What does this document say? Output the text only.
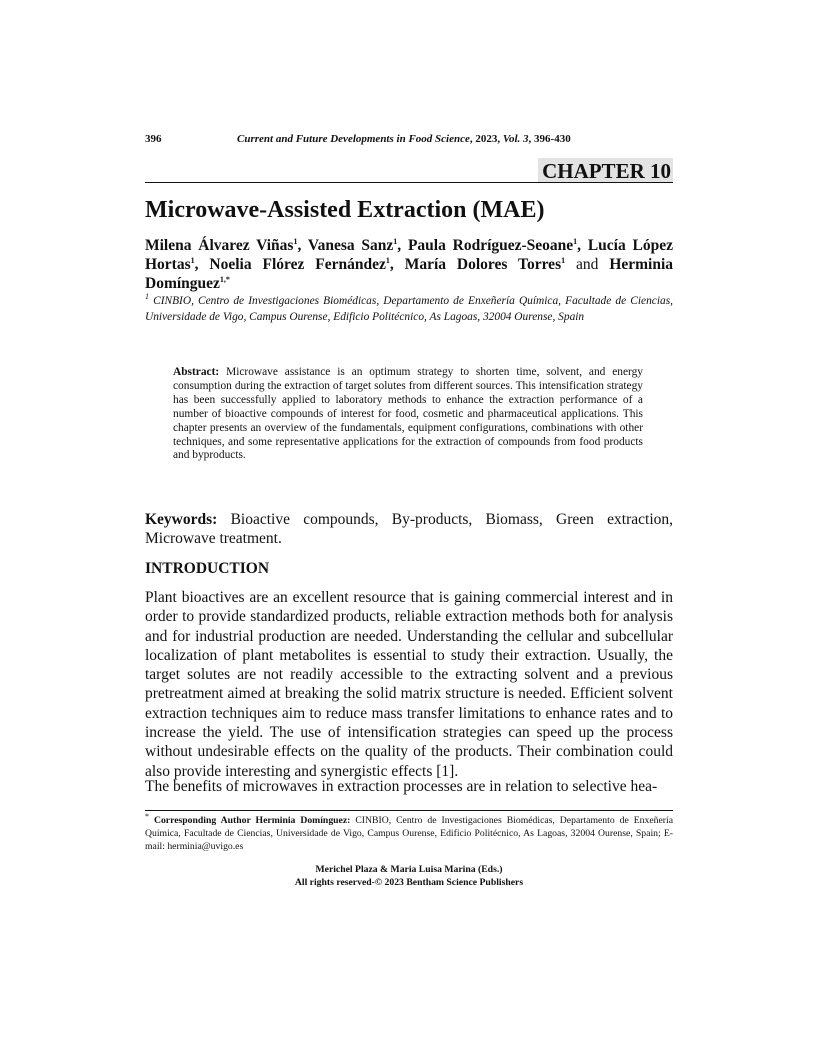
396	Current and Future Developments in Food Science, 2023, Vol. 3, 396-430
CHAPTER 10
Microwave-Assisted Extraction (MAE)
Milena Álvarez Viñas$^1$, Vanesa Sanz$^1$, Paula Rodríguez-Seoane$^1$, Lucía López Hortas$^1$, Noelia Flórez Fernández$^1$, María Dolores Torres$^1$ and Herminia Domínguez$^{1,*}$
$^1$ CINBIO, Centro de Investigaciones Biomédicas, Departamento de Enxeñería Química, Facultade de Ciencias, Universidade de Vigo, Campus Ourense, Edificio Politécnico, As Lagoas, 32004 Ourense, Spain
Abstract: Microwave assistance is an optimum strategy to shorten time, solvent, and energy consumption during the extraction of target solutes from different sources. This intensification strategy has been successfully applied to laboratory methods to enhance the extraction performance of a number of bioactive compounds of interest for food, cosmetic and pharmaceutical applications. This chapter presents an overview of the fundamentals, equipment configurations, combinations with other techniques, and some representative applications for the extraction of compounds from food products and byproducts.
Keywords: Bioactive compounds, By-products, Biomass, Green extraction, Microwave treatment.
INTRODUCTION
Plant bioactives are an excellent resource that is gaining commercial interest and in order to provide standardized products, reliable extraction methods both for analysis and for industrial production are needed. Understanding the cellular and subcellular localization of plant metabolites is essential to study their extraction. Usually, the target solutes are not readily accessible to the extracting solvent and a previous pretreatment aimed at breaking the solid matrix structure is needed. Efficient solvent extraction techniques aim to reduce mass transfer limitations to enhance rates and to increase the yield. The use of intensification strategies can speed up the process without undesirable effects on the quality of the products. Their combination could also provide interesting and synergistic effects [1].
The benefits of microwaves in extraction processes are in relation to selective hea-
* Corresponding Author Herminia Domínguez: CINBIO, Centro de Investigaciones Biomédicas, Departamento de Enxeñería Química, Facultade de Ciencias, Universidade de Vigo, Campus Ourense, Edificio Politécnico, As Lagoas, 32004 Ourense, Spain; E-mail: herminia@uvigo.es
Merichel Plaza & Maria Luisa Marina (Eds.)
All rights reserved-© 2023 Bentham Science Publishers
